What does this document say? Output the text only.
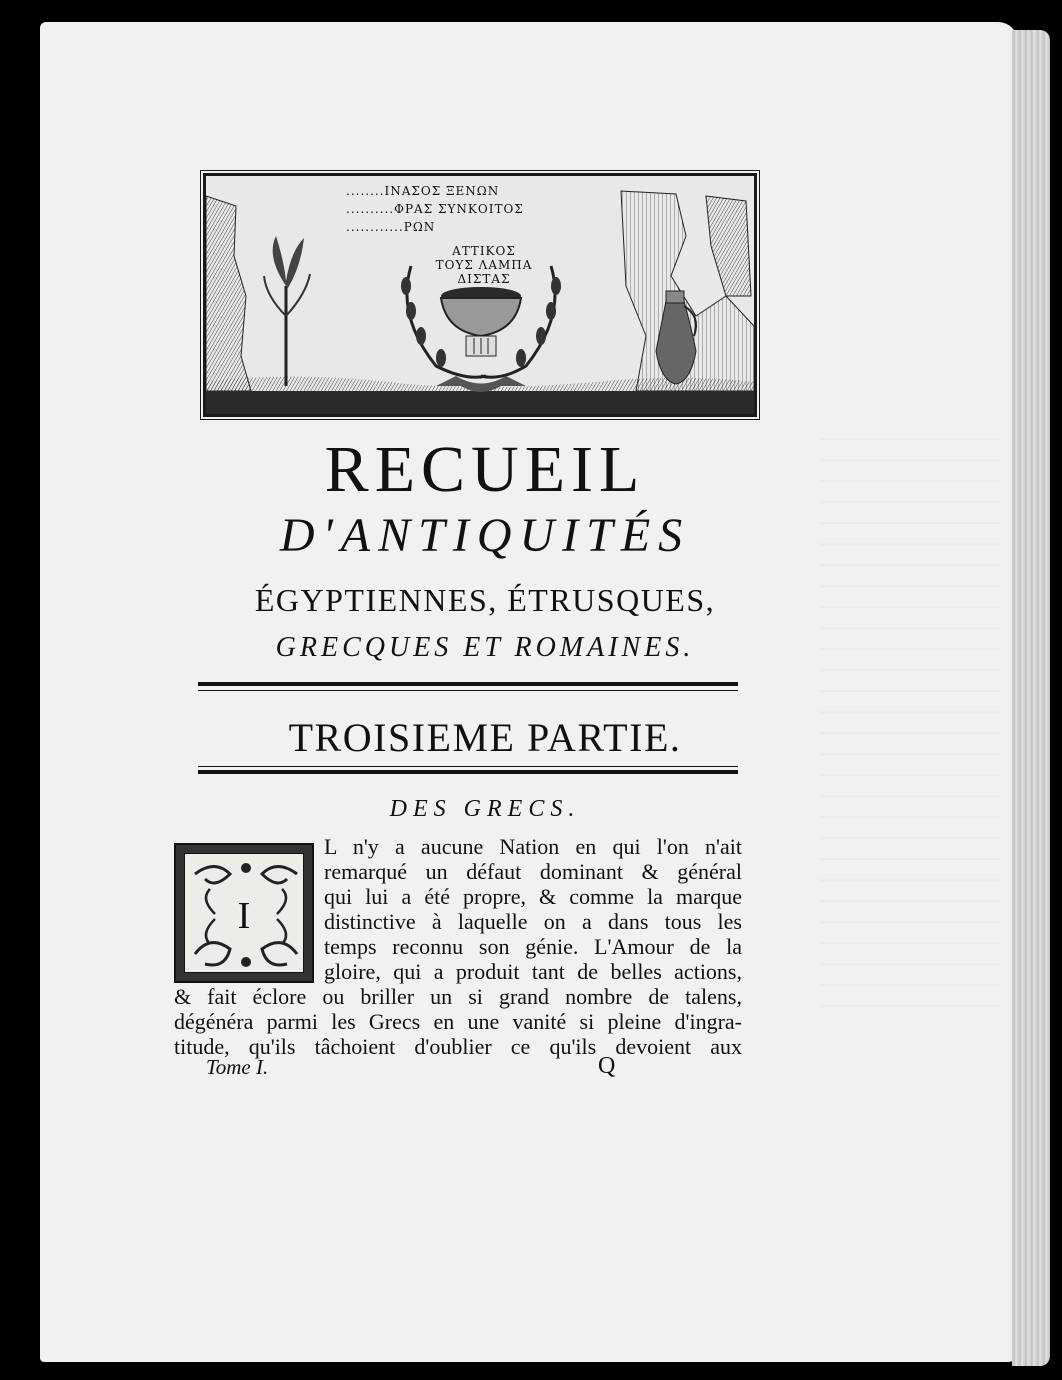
........ΙΝΑΣΟΣ ΞΕΝΩΝ
..........ΦΡΑΣ ΣΥΝΚΟΙΤΟΣ
............ΡΩΝ
ΑΤΤΙΚΟΣ
ΤΟΥΣ ΛΑΜΠΑ
ΔΙΣΤΑΣ
RECUEIL
D'ANTIQUITÉS
ÉGYPTIENNES, ÉTRUSQUES,
GRECQUES ET ROMAINES.
TROISIEME PARTIE.
DES GRECS.
I
L n'y a aucune Nation en qui l'on n'ait
remarqué un défaut dominant & général
qui lui a été propre, & comme la marque
distinctive à laquelle on a dans tous les
temps reconnu son génie. L'Amour de la
gloire, qui a produit tant de belles actions,
& fait éclore ou briller un si grand nombre de talens,
dégénéra parmi les Grecs en une vanité si pleine d'ingra-
titude, qu'ils tâchoient d'oublier ce qu'ils devoient aux
Tome I.	Q
